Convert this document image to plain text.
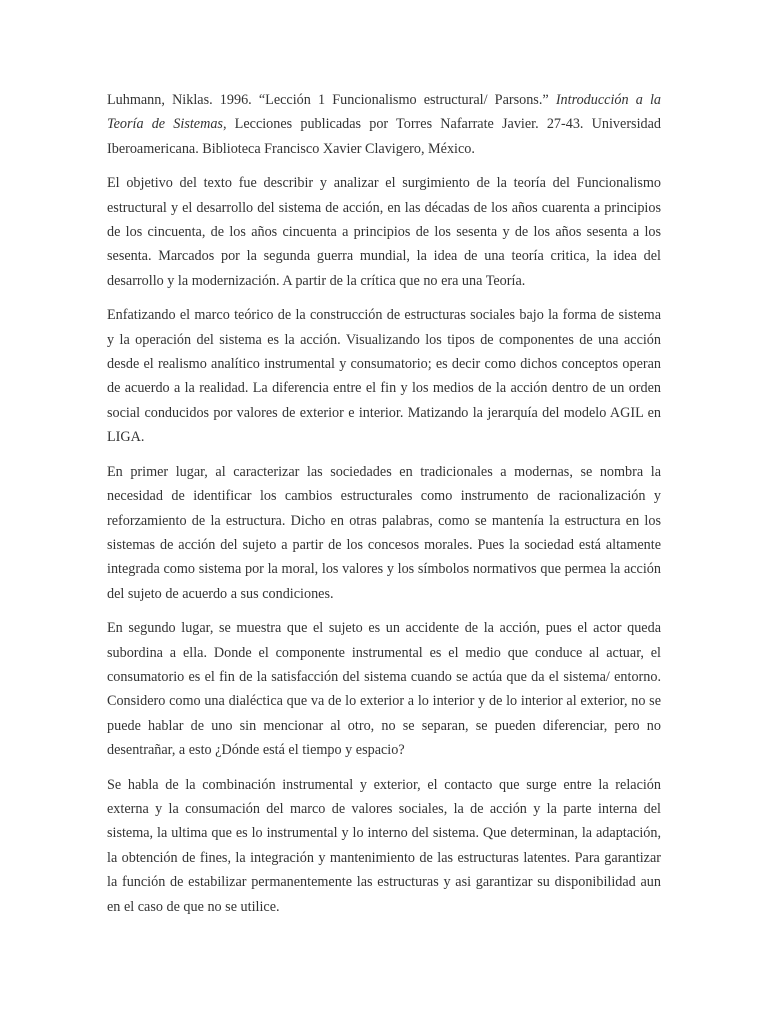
Luhmann, Niklas. 1996. “Lección 1 Funcionalismo estructural/ Parsons.” Introducción a la Teoría de Sistemas, Lecciones publicadas por Torres Nafarrate Javier. 27-43. Universidad Iberoamericana. Biblioteca Francisco Xavier Clavigero, México.

El objetivo del texto fue describir y analizar el surgimiento de la teoría del Funcionalismo estructural y el desarrollo del sistema de acción, en las décadas de los años cuarenta a principios de los cincuenta, de los años cincuenta a principios de los sesenta y de los años sesenta a los sesenta. Marcados por la segunda guerra mundial, la idea de una teoría critica, la idea del desarrollo y la modernización. A partir de la crítica que no era una Teoría.

Enfatizando el marco teórico de la construcción de estructuras sociales bajo la forma de sistema y la operación del sistema es la acción. Visualizando los tipos de componentes de una acción desde el realismo analítico instrumental y consumatorio; es decir como dichos conceptos operan de acuerdo a la realidad. La diferencia entre el fin y los medios de la acción dentro de un orden social conducidos por valores de exterior e interior. Matizando la jerarquía del modelo AGIL en LIGA.

En primer lugar, al caracterizar las sociedades en tradicionales a modernas, se nombra la necesidad de identificar los cambios estructurales como instrumento de racionalización y reforzamiento de la estructura. Dicho en otras palabras, como se mantenía la estructura en los sistemas de acción del sujeto a partir de los concesos morales. Pues la sociedad está altamente integrada como sistema por la moral, los valores y los símbolos normativos que permea la acción del sujeto de acuerdo a sus condiciones.

En segundo lugar, se muestra que el sujeto es un accidente de la acción, pues el actor queda subordina a ella. Donde el componente instrumental es el medio que conduce al actuar, el consumatorio es el fin de la satisfacción del sistema cuando se actúa que da el sistema/ entorno. Considero como una dialéctica que va de lo exterior a lo interior y de lo interior al exterior, no se puede hablar de uno sin mencionar al otro, no se separan, se pueden diferenciar, pero no desentrañar, a esto ¿Dónde está el tiempo y espacio?

Se habla de la combinación instrumental y exterior, el contacto que surge entre la relación externa y la consumación del marco de valores sociales, la de acción y la parte interna del sistema, la ultima que es lo instrumental y lo interno del sistema. Que determinan, la adaptación, la obtención de fines, la integración y mantenimiento de las estructuras latentes. Para garantizar la función de estabilizar permanentemente las estructuras y asi garantizar su disponibilidad aun en el caso de que no se utilice.
